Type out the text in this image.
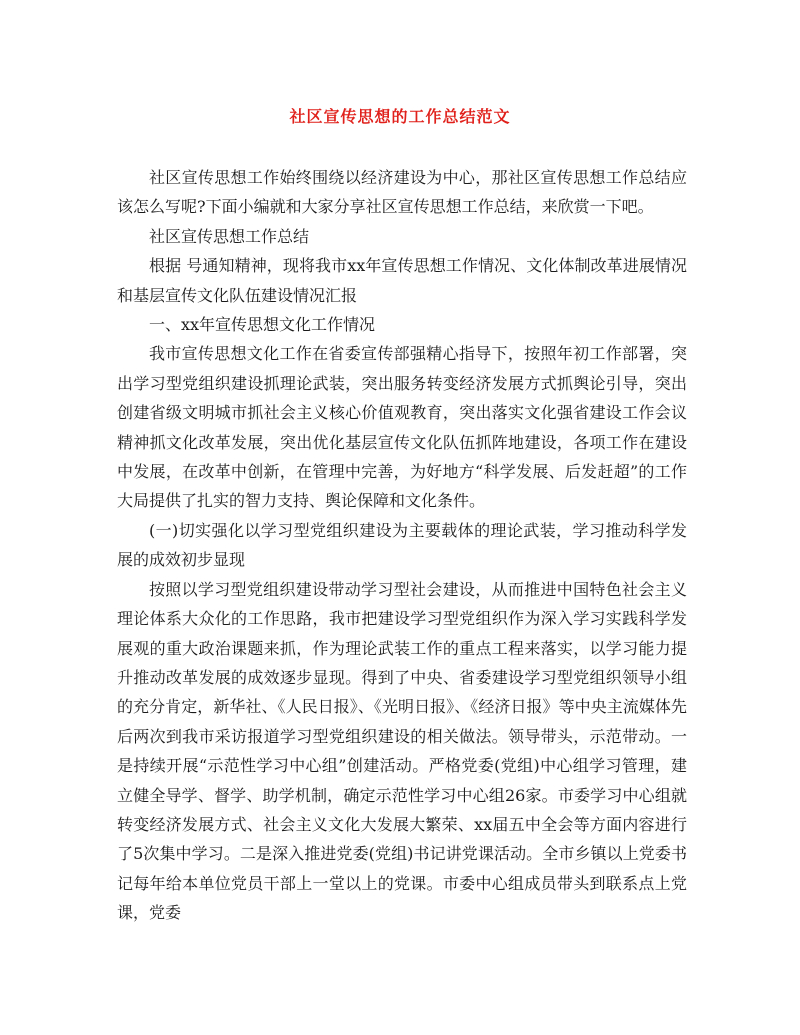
社区宣传思想的工作总结范文

社区宣传思想工作始终围绕以经济建设为中心，那社区宣传思想工作总结应该怎么写呢?下面小编就和大家分享社区宣传思想工作总结，来欣赏一下吧。

社区宣传思想工作总结

根据 号通知精神，现将我市xx年宣传思想工作情况、文化体制改革进展情况和基层宣传文化队伍建设情况汇报

一、xx年宣传思想文化工作情况

我市宣传思想文化工作在省委宣传部强精心指导下，按照年初工作部署，突出学习型党组织建设抓理论武装，突出服务转变经济发展方式抓舆论引导，突出创建省级文明城市抓社会主义核心价值观教育，突出落实文化强省建设工作会议精神抓文化改革发展，突出优化基层宣传文化队伍抓阵地建设，各项工作在建设中发展，在改革中创新，在管理中完善，为好地方“科学发展、后发赶超”的工作大局提供了扎实的智力支持、舆论保障和文化条件。

(一)切实强化以学习型党组织建设为主要载体的理论武装，学习推动科学发展的成效初步显现

按照以学习型党组织建设带动学习型社会建设，从而推进中国特色社会主义理论体系大众化的工作思路，我市把建设学习型党组织作为深入学习实践科学发展观的重大政治课题来抓，作为理论武装工作的重点工程来落实，以学习能力提升推动改革发展的成效逐步显现。得到了中央、省委建设学习型党组织领导小组的充分肯定，新华社、《人民日报》、《光明日报》、《经济日报》等中央主流媒体先后两次到我市采访报道学习型党组织建设的相关做法。领导带头，示范带动。一是持续开展“示范性学习中心组”创建活动。严格党委(党组)中心组学习管理，建立健全导学、督学、助学机制，确定示范性学习中心组26家。市委学习中心组就转变经济发展方式、社会主义文化大发展大繁荣、xx届五中全会等方面内容进行了5次集中学习。二是深入推进党委(党组)书记讲党课活动。全市乡镇以上党委书记每年给本单位党员干部上一堂以上的党课。市委中心组成员带头到联系点上党课，党委
